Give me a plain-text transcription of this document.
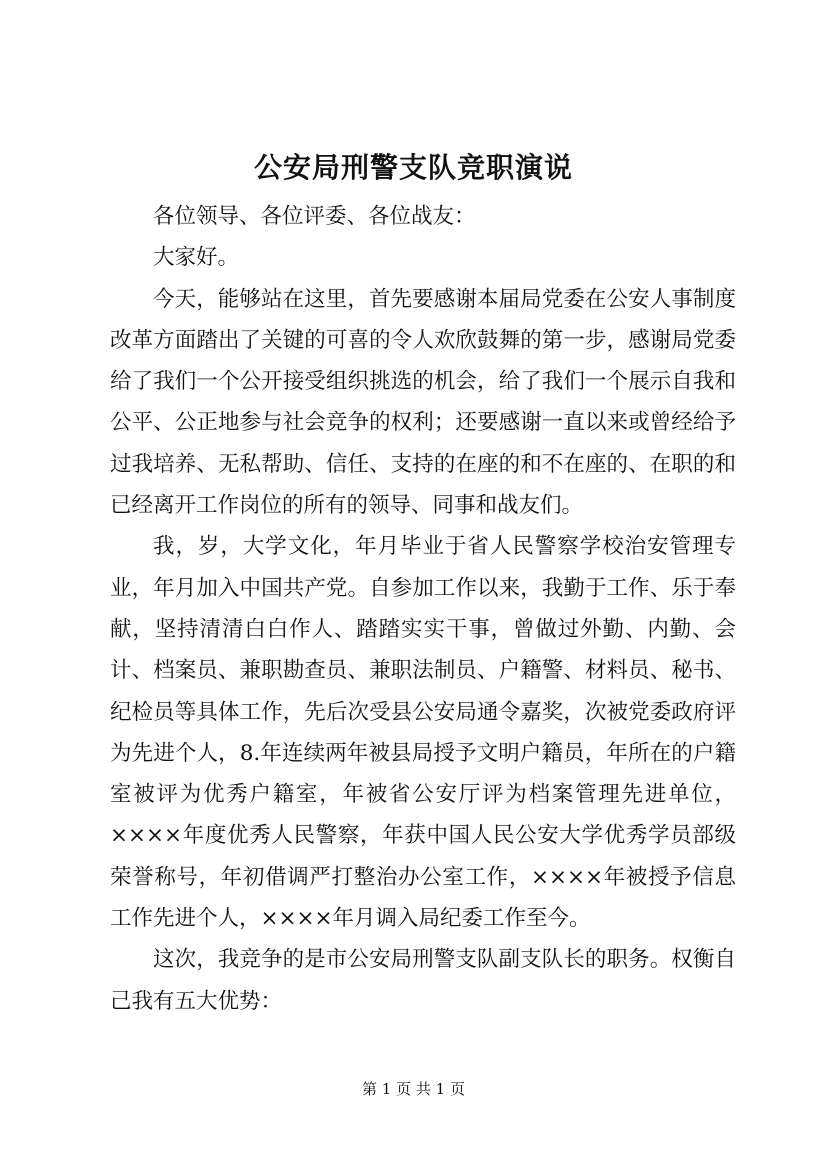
公安局刑警支队竞职演说

各位领导、各位评委、各位战友：

大家好。

今天，能够站在这里，首先要感谢本届局党委在公安人事制度改革方面踏出了关键的可喜的令人欢欣鼓舞的第一步，感谢局党委给了我们一个公开接受组织挑选的机会，给了我们一个展示自我和公平、公正地参与社会竞争的权利；还要感谢一直以来或曾经给予过我培养、无私帮助、信任、支持的在座的和不在座的、在职的和已经离开工作岗位的所有的领导、同事和战友们。

我，岁，大学文化，年月毕业于省人民警察学校治安管理专业，年月加入中国共产党。自参加工作以来，我勤于工作、乐于奉献，坚持清清白白作人、踏踏实实干事，曾做过外勤、内勤、会计、档案员、兼职勘查员、兼职法制员、户籍警、材料员、秘书、纪检员等具体工作，先后次受县公安局通令嘉奖，次被党委政府评为先进个人，8.年连续两年被县局授予文明户籍员，年所在的户籍室被评为优秀户籍室，年被省公安厅评为档案管理先进单位，××××年度优秀人民警察，年获中国人民公安大学优秀学员部级荣誉称号，年初借调严打整治办公室工作，××××年被授予信息工作先进个人，××××年月调入局纪委工作至今。

这次，我竞争的是市公安局刑警支队副支队长的职务。权衡自己我有五大优势：

第 1 页 共 1 页
